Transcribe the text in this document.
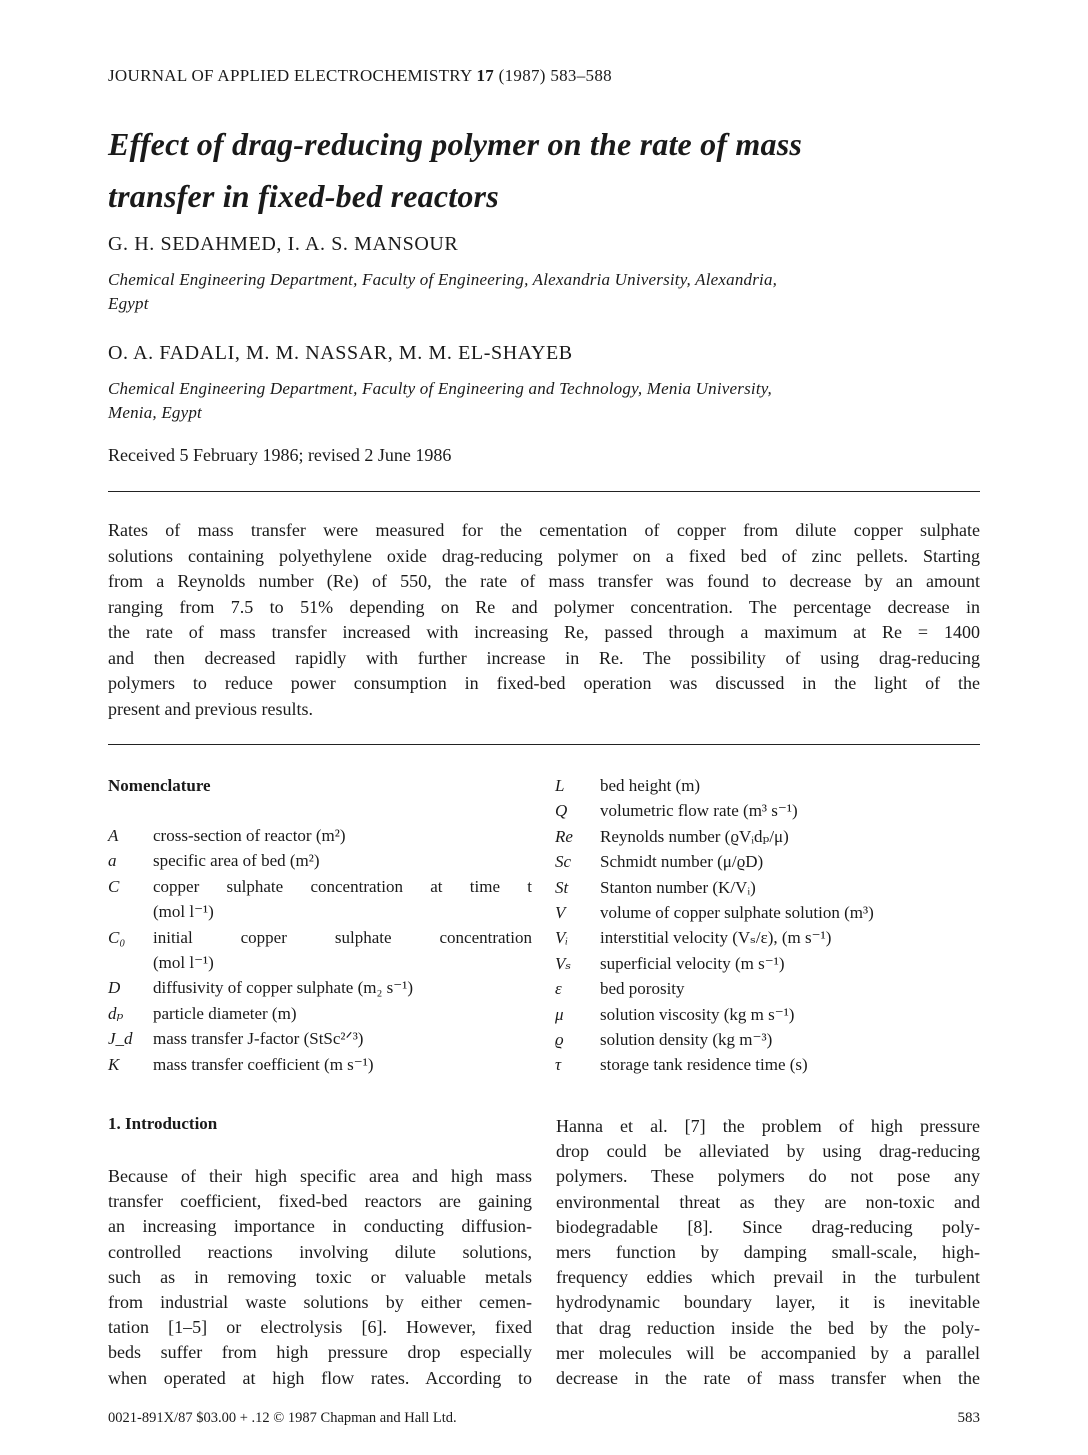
JOURNAL OF APPLIED ELECTROCHEMISTRY 17 (1987) 583–588
Effect of drag-reducing polymer on the rate of mass
transfer in fixed-bed reactors
G. H. SEDAHMED, I. A. S. MANSOUR
Chemical Engineering Department, Faculty of Engineering, Alexandria University, Alexandria,
Egypt
O. A. FADALI, M. M. NASSAR, M. M. EL-SHAYEB
Chemical Engineering Department, Faculty of Engineering and Technology, Menia University,
Menia, Egypt
Received 5 February 1986; revised 2 June 1986
Rates of mass transfer were measured for the cementation of copper from dilute copper sulphate
solutions containing polyethylene oxide drag-reducing polymer on a fixed bed of zinc pellets. Starting
from a Reynolds number (Re) of 550, the rate of mass transfer was found to decrease by an amount
ranging from 7.5 to 51% depending on Re and polymer concentration. The percentage decrease in
the rate of mass transfer increased with increasing Re, passed through a maximum at Re = 1400
and then decreased rapidly with further increase in Re. The possibility of using drag-reducing
polymers to reduce power consumption in fixed-bed operation was discussed in the light of the
present and previous results.
Nomenclature
A cross-section of reactor (m²)
a specific area of bed (m²)
C copper sulphate concentration at time t
(mol l⁻¹)
C₀ initial copper sulphate concentration
(mol l⁻¹)
D diffusivity of copper sulphate (m₂ s⁻¹)
dₚ particle diameter (m)
J_d mass transfer J-factor (StSc²ᐟ³)
K mass transfer coefficient (m s⁻¹)
L bed height (m)
Q volumetric flow rate (m³ s⁻¹)
Re Reynolds number (ϱVᵢdₚ/μ)
Sc Schmidt number (μ/ϱD)
St Stanton number (K/Vᵢ)
V volume of copper sulphate solution (m³)
Vᵢ interstitial velocity (Vₛ/ε), (m s⁻¹)
Vₛ superficial velocity (m s⁻¹)
ε bed porosity
μ solution viscosity (kg m s⁻¹)
ϱ solution density (kg m⁻³)
τ storage tank residence time (s)
1. Introduction
Because of their high specific area and high mass
transfer coefficient, fixed-bed reactors are gaining
an increasing importance in conducting diffusion-
controlled reactions involving dilute solutions,
such as in removing toxic or valuable metals
from industrial waste solutions by either cemen-
tation [1–5] or electrolysis [6]. However, fixed
beds suffer from high pressure drop especially
when operated at high flow rates. According to
Hanna et al. [7] the problem of high pressure
drop could be alleviated by using drag-reducing
polymers. These polymers do not pose any
environmental threat as they are non-toxic and
biodegradable [8]. Since drag-reducing poly-
mers function by damping small-scale, high-
frequency eddies which prevail in the turbulent
hydrodynamic boundary layer, it is inevitable
that drag reduction inside the bed by the poly-
mer molecules will be accompanied by a parallel
decrease in the rate of mass transfer when the
0021-891X/87 $03.00 + .12 © 1987 Chapman and Hall Ltd.	583
